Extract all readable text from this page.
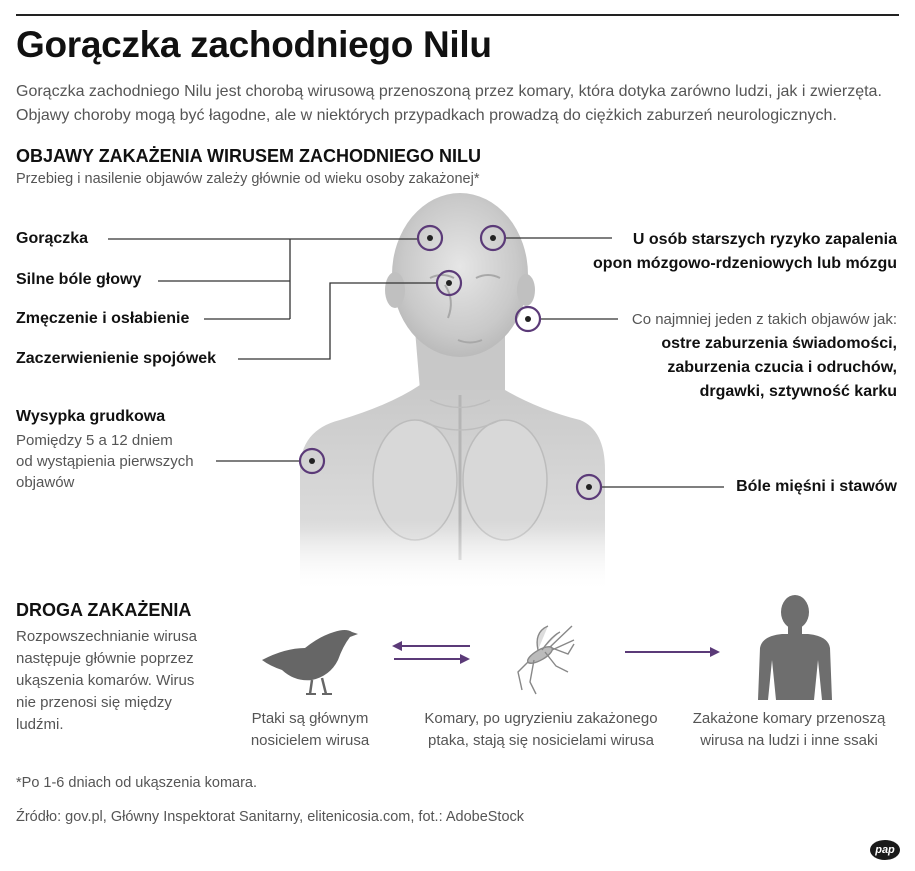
Gorączka zachodniego Nilu
Gorączka zachodniego Nilu jest chorobą wirusową przenoszoną przez komary, która dotyka zarówno ludzi, jak i zwierzęta.
Objawy choroby mogą być łagodne, ale w niektórych przypadkach prowadzą do ciężkich zaburzeń neurologicznych.
OBJAWY ZAKAŻENIA WIRUSEM ZACHODNIEGO NILU
Przebieg i nasilenie objawów zależy głównie od wieku osoby zakażonej*
Gorączka
Silne bóle głowy
Zmęczenie i osłabienie
Zaczerwienienie spojówek
Wysypka grudkowa
Pomiędzy 5 a 12 dniem
od wystąpienia pierwszych
objawów
U osób starszych ryzyko zapalenia
opon mózgowo-rdzeniowych lub mózgu
Co najmniej jeden z takich objawów jak:
ostre zaburzenia świadomości,
zaburzenia czucia i odruchów,
drgawki, sztywność karku
Bóle mięśni i stawów
DROGA ZAKAŻENIA
Rozpowszechnianie wirusa
następuje głównie poprzez
ukąszenia komarów. Wirus
nie przenosi się między
ludźmi.	Ptaki są głównym
nosicielem wirusa
Komary, po ugryzieniu zakażonego
ptaka, stają się nosicielami wirusa
Zakażone komary przenoszą
wirusa na ludzi i inne ssaki
*Po 1-6 dniach od ukąszenia komara.
Źródło: gov.pl, Główny Inspektorat Sanitarny, elitenicosia.com, fot.: AdobeStock
pap
